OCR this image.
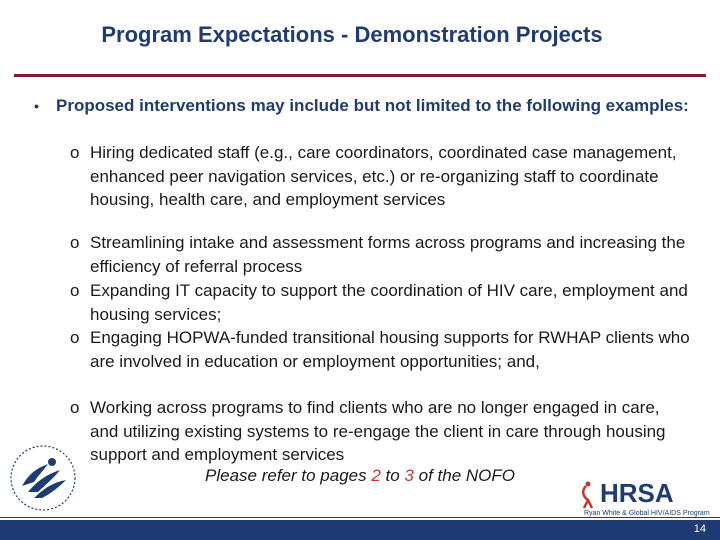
Program Expectations - Demonstration Projects
• Proposed interventions may include but not limited to the following examples:
o Hiring dedicated staff (e.g., care coordinators, coordinated case management, enhanced peer navigation services, etc.) or re-organizing staff to coordinate housing, health care, and employment services
o Streamlining intake and assessment forms across programs and increasing the efficiency of referral process
o Expanding IT capacity to support the coordination of HIV care, employment and housing services;
o Engaging HOPWA-funded transitional housing supports for RWHAP clients who are involved in education or employment opportunities; and,
o Working across programs to find clients who are no longer engaged in care, and utilizing existing systems to re-engage the client in care through housing support and employment services
Please refer to pages 2 to 3 of the NOFO
HRSA
Ryan White & Global HIV/AIDS Program
14
